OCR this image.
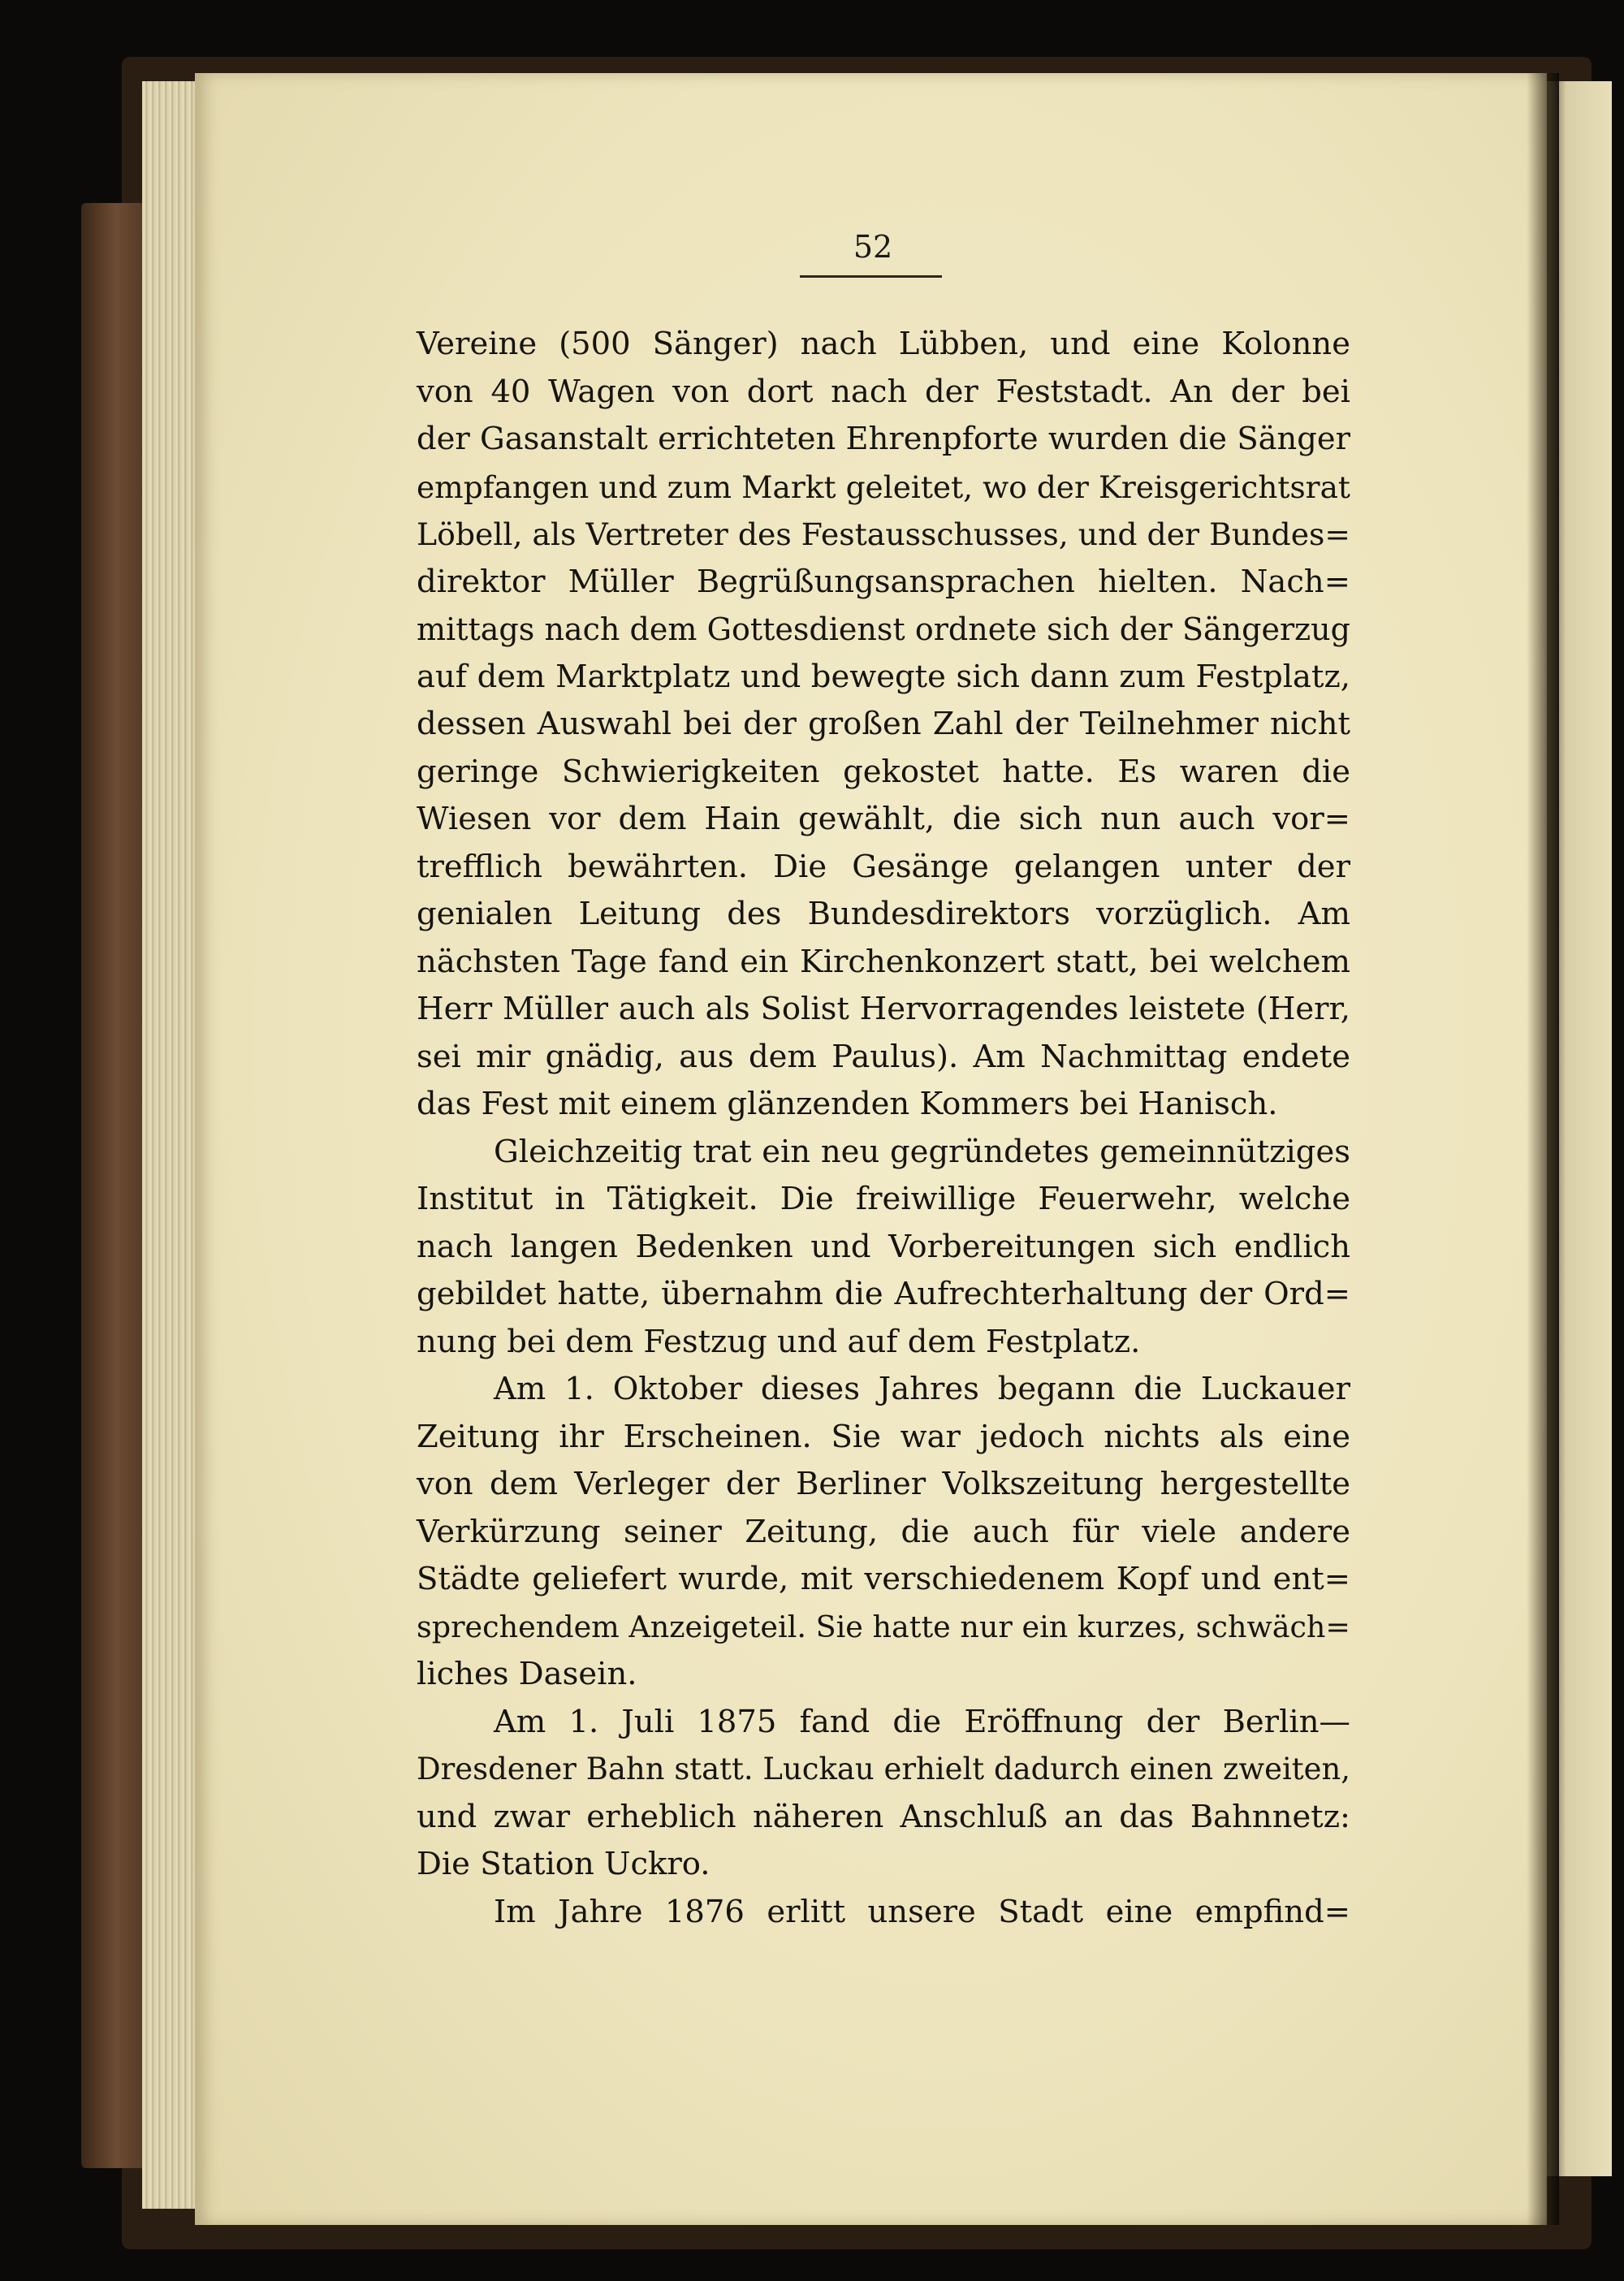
52
Vereine (500 Sänger) nach Lübben, und eine Kolonne
von 40 Wagen von dort nach der Feststadt. An der bei
der Gasanstalt errichteten Ehrenpforte wurden die Sänger
empfangen und zum Markt geleitet, wo der Kreisgerichtsrat
Löbell, als Vertreter des Festausschusses, und der Bundes=
direktor Müller Begrüßungsansprachen hielten. Nach=
mittags nach dem Gottesdienst ordnete sich der Sängerzug
auf dem Marktplatz und bewegte sich dann zum Festplatz,
dessen Auswahl bei der großen Zahl der Teilnehmer nicht
geringe Schwierigkeiten gekostet hatte. Es waren die
Wiesen vor dem Hain gewählt, die sich nun auch vor=
trefflich bewährten. Die Gesänge gelangen unter der
genialen Leitung des Bundesdirektors vorzüglich. Am
nächsten Tage fand ein Kirchenkonzert statt, bei welchem
Herr Müller auch als Solist Hervorragendes leistete (Herr,
sei mir gnädig, aus dem Paulus). Am Nachmittag endete
das Fest mit einem glänzenden Kommers bei Hanisch.
Gleichzeitig trat ein neu gegründetes gemeinnütziges
Institut in Tätigkeit. Die freiwillige Feuerwehr, welche
nach langen Bedenken und Vorbereitungen sich endlich
gebildet hatte, übernahm die Aufrechterhaltung der Ord=
nung bei dem Festzug und auf dem Festplatz.
Am 1. Oktober dieses Jahres begann die Luckauer
Zeitung ihr Erscheinen. Sie war jedoch nichts als eine
von dem Verleger der Berliner Volkszeitung hergestellte
Verkürzung seiner Zeitung, die auch für viele andere
Städte geliefert wurde, mit verschiedenem Kopf und ent=
sprechendem Anzeigeteil. Sie hatte nur ein kurzes, schwäch=
liches Dasein.
Am 1. Juli 1875 fand die Eröffnung der Berlin—
Dresdener Bahn statt. Luckau erhielt dadurch einen zweiten,
und zwar erheblich näheren Anschluß an das Bahnnetz:
Die Station Uckro.
Im Jahre 1876 erlitt unsere Stadt eine empfind=
